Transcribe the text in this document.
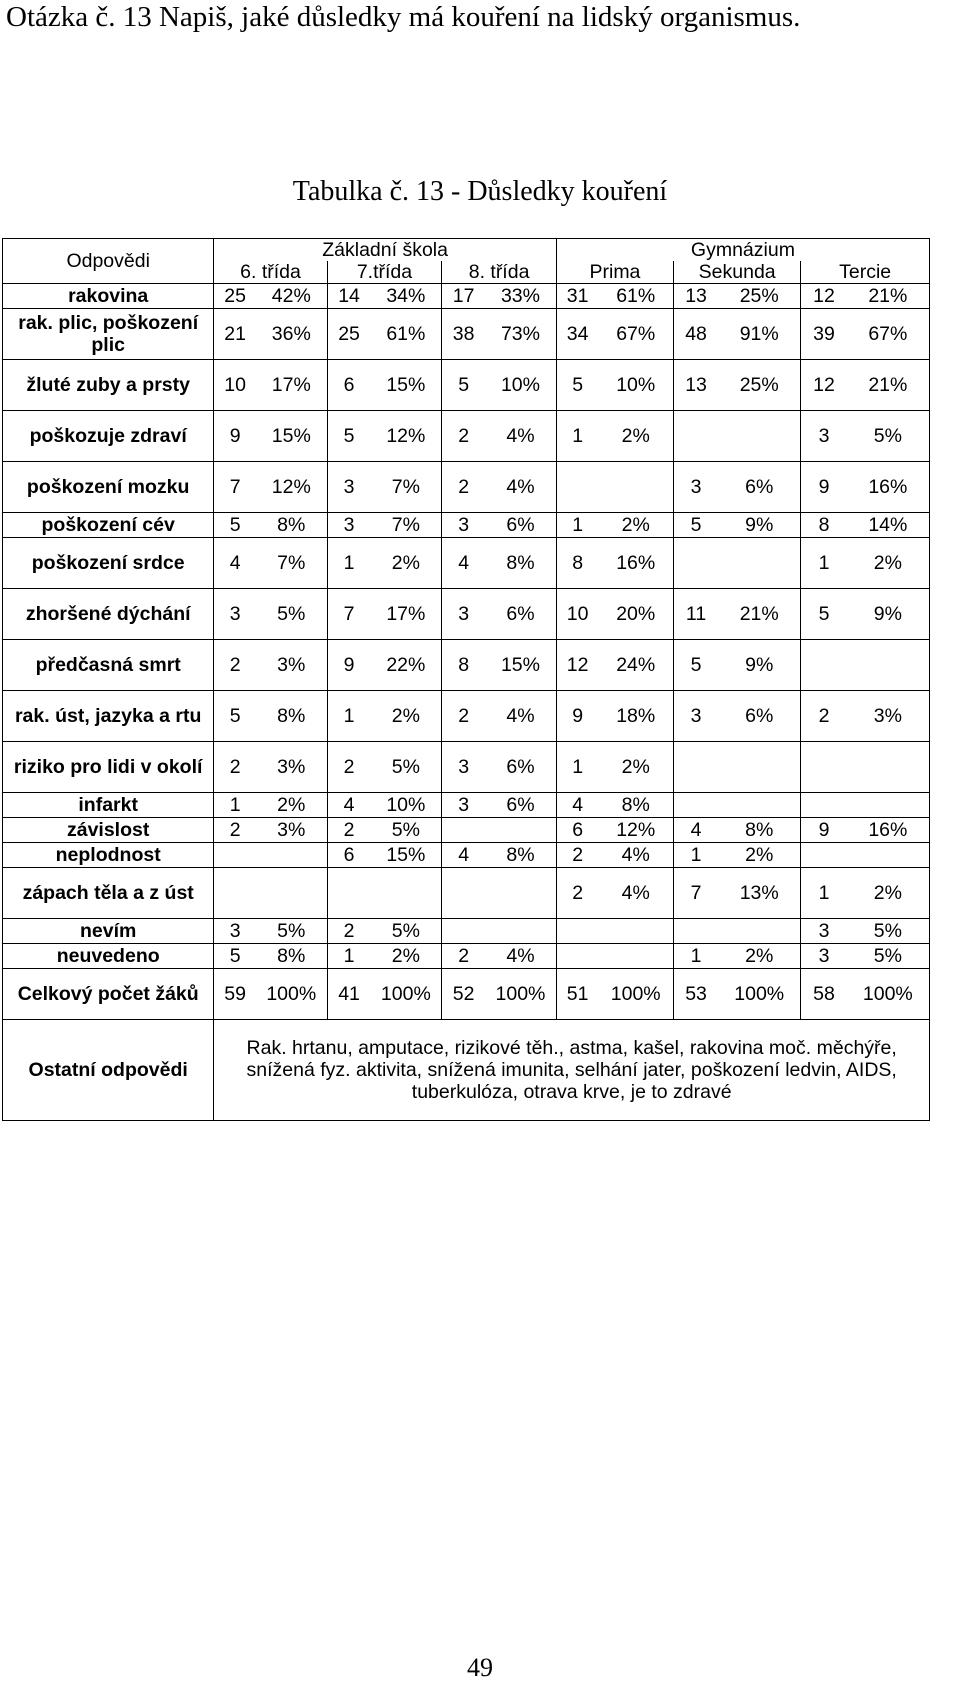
Otázka č. 13 Napiš, jaké důsledky má kouření na lidský organismus.
Tabulka č. 13 - Důsledky kouření
Odpovědi	Základní škola						Gymnázium					
	6. třída		7.třída		8. třída		Prima		Sekunda		Tercie	
rakovina	25	42%	14	34%	17	33%	31	61%	13	25%	12	21%
rak. plic, poškození plic	21	36%	25	61%	38	73%	34	67%	48	91%	39	67%
žluté zuby a prsty	10	17%	6	15%	5	10%	5	10%	13	25%	12	21%
poškozuje zdraví	9	15%	5	12%	2	4%	1	2%			3	5%
poškození mozku	7	12%	3	7%	2	4%			3	6%	9	16%
poškození cév	5	8%	3	7%	3	6%	1	2%	5	9%	8	14%
poškození srdce	4	7%	1	2%	4	8%	8	16%			1	2%
zhoršené dýchání	3	5%	7	17%	3	6%	10	20%	11	21%	5	9%
předčasná smrt	2	3%	9	22%	8	15%	12	24%	5	9%		
rak. úst, jazyka a rtu	5	8%	1	2%	2	4%	9	18%	3	6%	2	3%
riziko pro lidi v okolí	2	3%	2	5%	3	6%	1	2%				
infarkt	1	2%	4	10%	3	6%	4	8%				
závislost	2	3%	2	5%			6	12%	4	8%	9	16%
neplodnost			6	15%	4	8%	2	4%	1	2%		
zápach těla a z úst							2	4%	7	13%	1	2%
nevím	3	5%	2	5%							3	5%
neuvedeno	5	8%	1	2%	2	4%			1	2%	3	5%
Celkový počet žáků	59	100%	41	100%	52	100%	51	100%	53	100%	58	100%
Ostatní odpovědi	Rak. hrtanu, amputace, rizikové těh., astma, kašel, rakovina moč. měchýře, snížená fyz. aktivita, snížená imunita, selhání jater, poškození ledvin, AIDS, tuberkulóza, otrava krve, je to zdravé											
49
